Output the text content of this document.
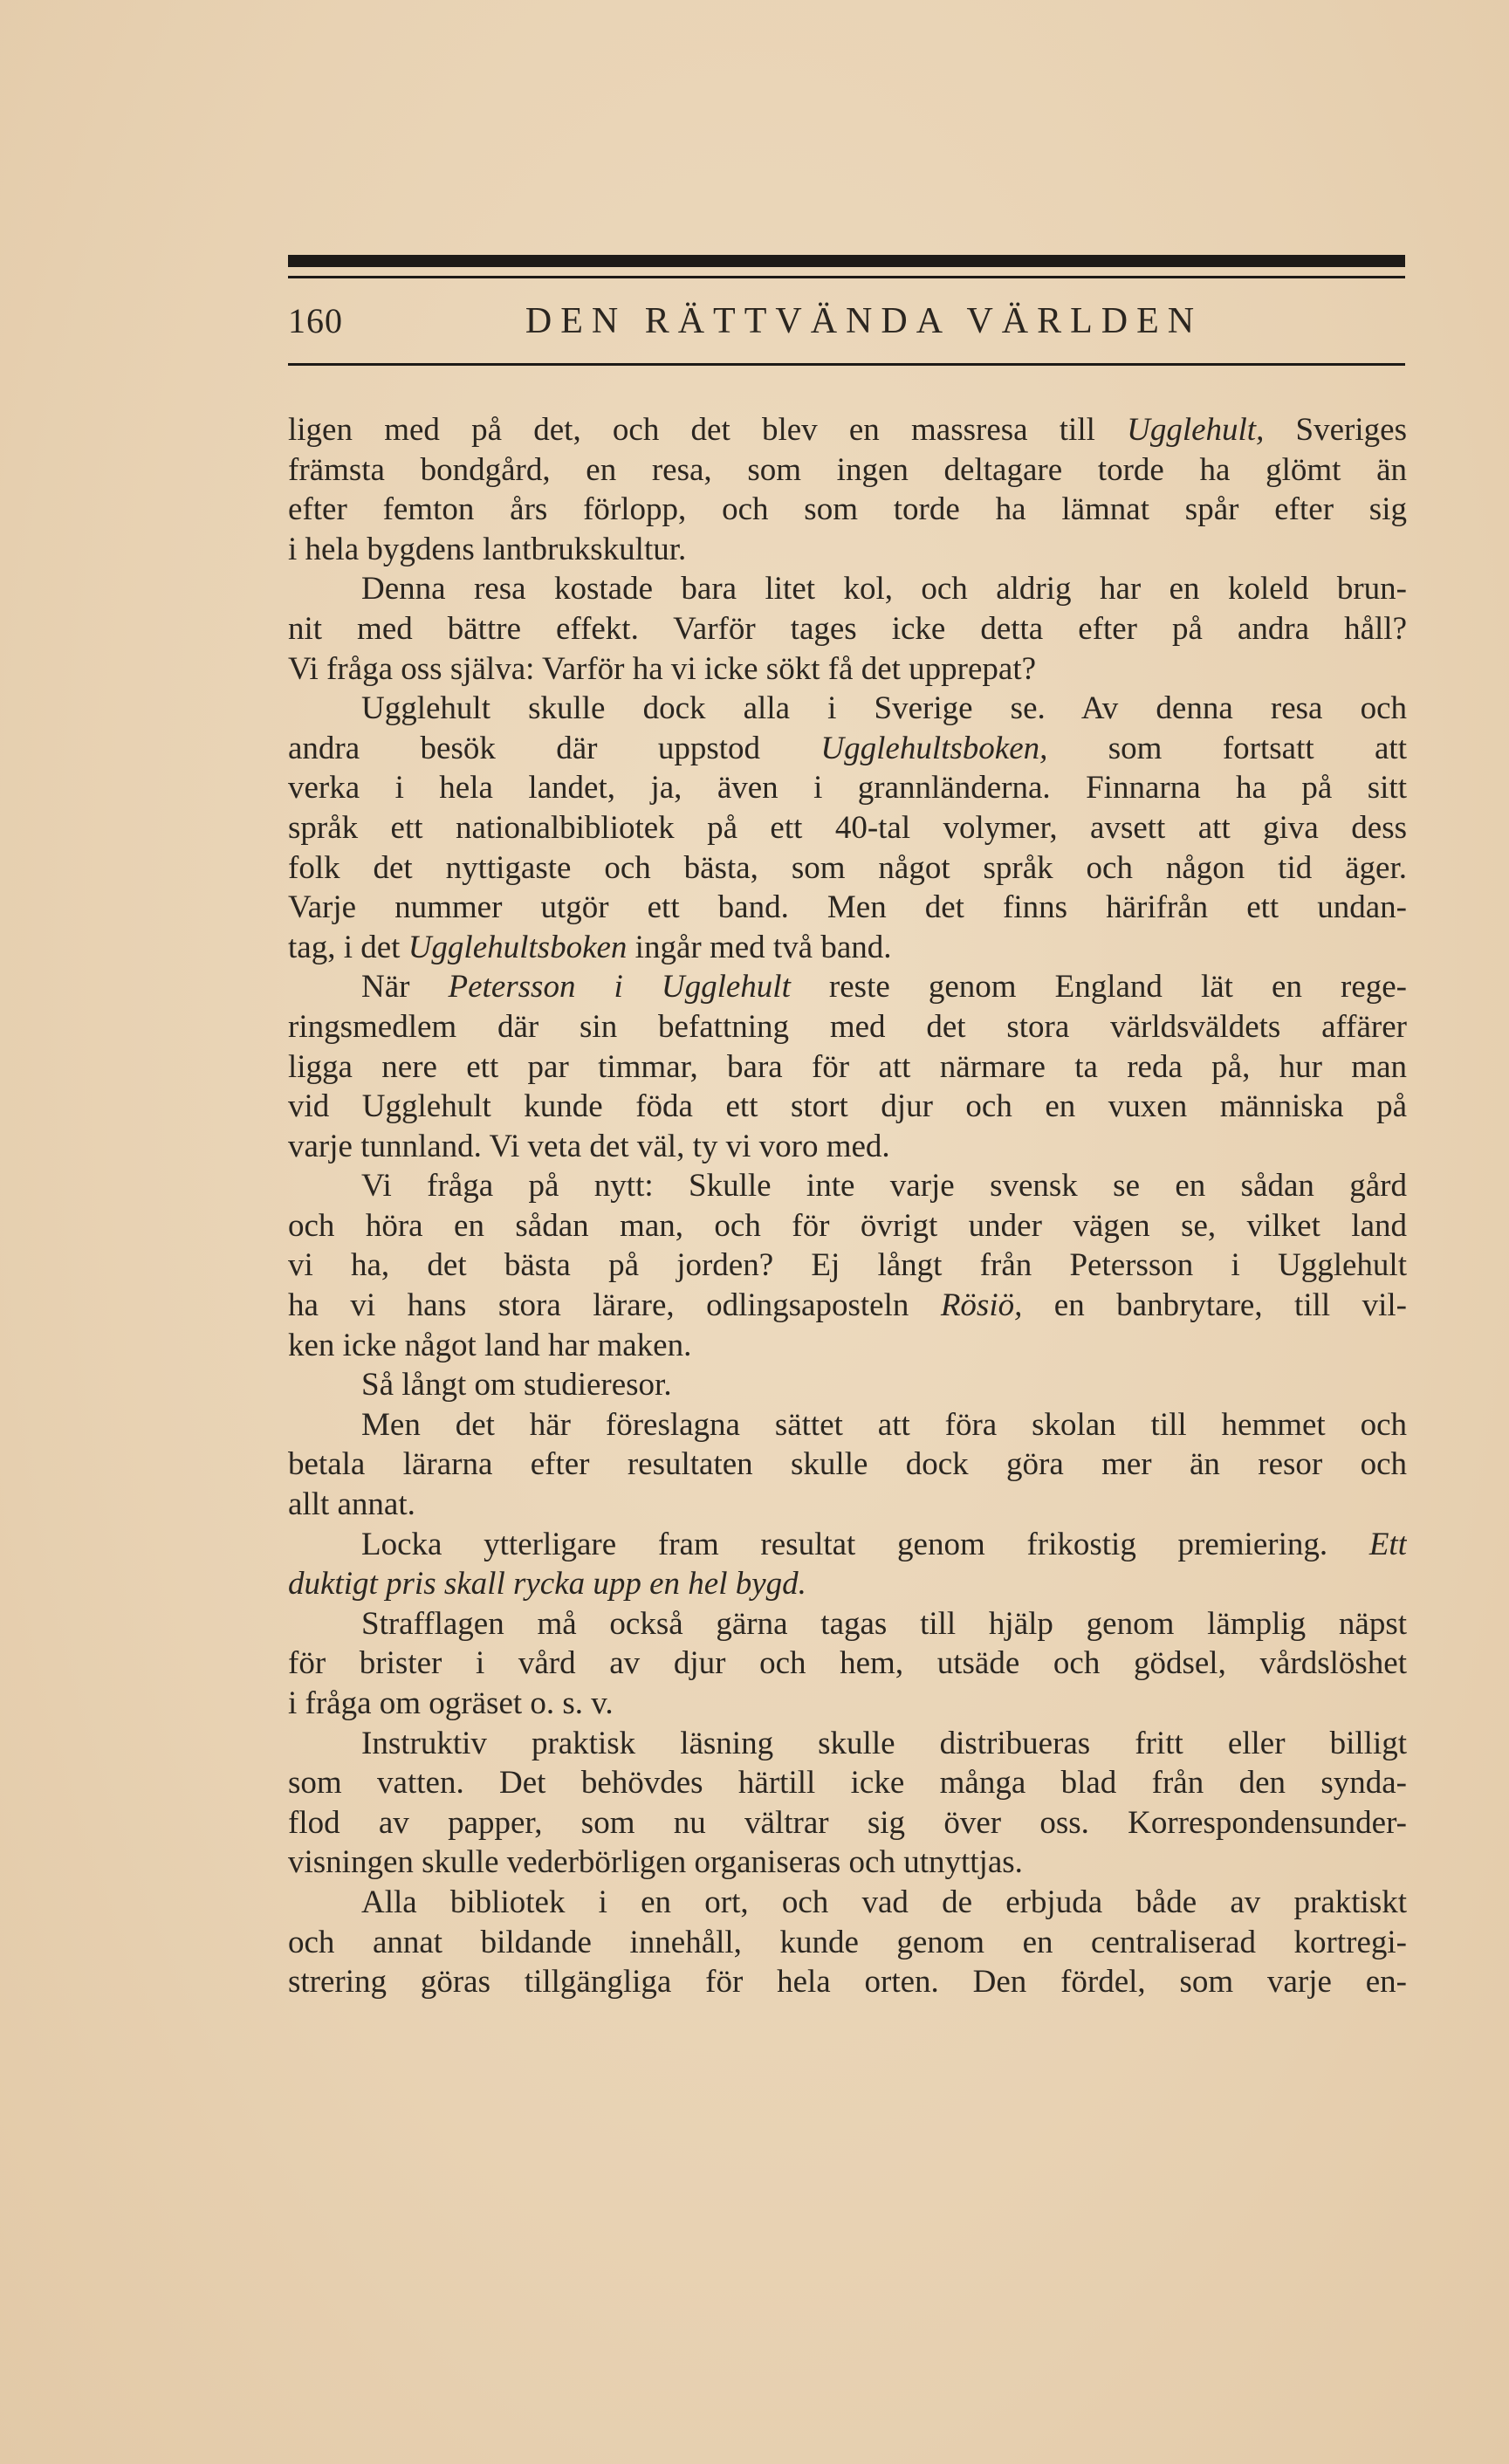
160	DEN RÄTTVÄNDA VÄRLDEN
ligen med på det, och det blev en massresa till Ugglehult, Sveriges
främsta bondgård, en resa, som ingen deltagare torde ha glömt än
efter femton års förlopp, och som torde ha lämnat spår efter sig
i hela bygdens lantbrukskultur.
Denna resa kostade bara litet kol, och aldrig har en koleld brun-
nit med bättre effekt. Varför tages icke detta efter på andra håll?
Vi fråga oss själva: Varför ha vi icke sökt få det upprepat?
Ugglehult skulle dock alla i Sverige se. Av denna resa och
andra besök där uppstod Ugglehultsboken, som fortsatt att
verka i hela landet, ja, även i grannländerna. Finnarna ha på sitt
språk ett nationalbibliotek på ett 40-tal volymer, avsett att giva dess
folk det nyttigaste och bästa, som något språk och någon tid äger.
Varje nummer utgör ett band. Men det finns härifrån ett undan-
tag, i det Ugglehultsboken ingår med två band.
När Petersson i Ugglehult reste genom England lät en rege-
ringsmedlem där sin befattning med det stora världsväldets affärer
ligga nere ett par timmar, bara för att närmare ta reda på, hur man
vid Ugglehult kunde föda ett stort djur och en vuxen människa på
varje tunnland. Vi veta det väl, ty vi voro med.
Vi fråga på nytt: Skulle inte varje svensk se en sådan gård
och höra en sådan man, och för övrigt under vägen se, vilket land
vi ha, det bästa på jorden? Ej långt från Petersson i Ugglehult
ha vi hans stora lärare, odlingsaposteln Rösiö, en banbrytare, till vil-
ken icke något land har maken.
Så långt om studieresor.
Men det här föreslagna sättet att föra skolan till hemmet och
betala lärarna efter resultaten skulle dock göra mer än resor och
allt annat.
Locka ytterligare fram resultat genom frikostig premiering. Ett
duktigt pris skall rycka upp en hel bygd.
Strafflagen må också gärna tagas till hjälp genom lämplig näpst
för brister i vård av djur och hem, utsäde och gödsel, vårdslöshet
i fråga om ogräset o. s. v.
Instruktiv praktisk läsning skulle distribueras fritt eller billigt
som vatten. Det behövdes härtill icke många blad från den synda-
flod av papper, som nu vältrar sig över oss. Korrespondensunder-
visningen skulle vederbörligen organiseras och utnyttjas.
Alla bibliotek i en ort, och vad de erbjuda både av praktiskt
och annat bildande innehåll, kunde genom en centraliserad kortregi-
strering göras tillgängliga för hela orten. Den fördel, som varje en-
